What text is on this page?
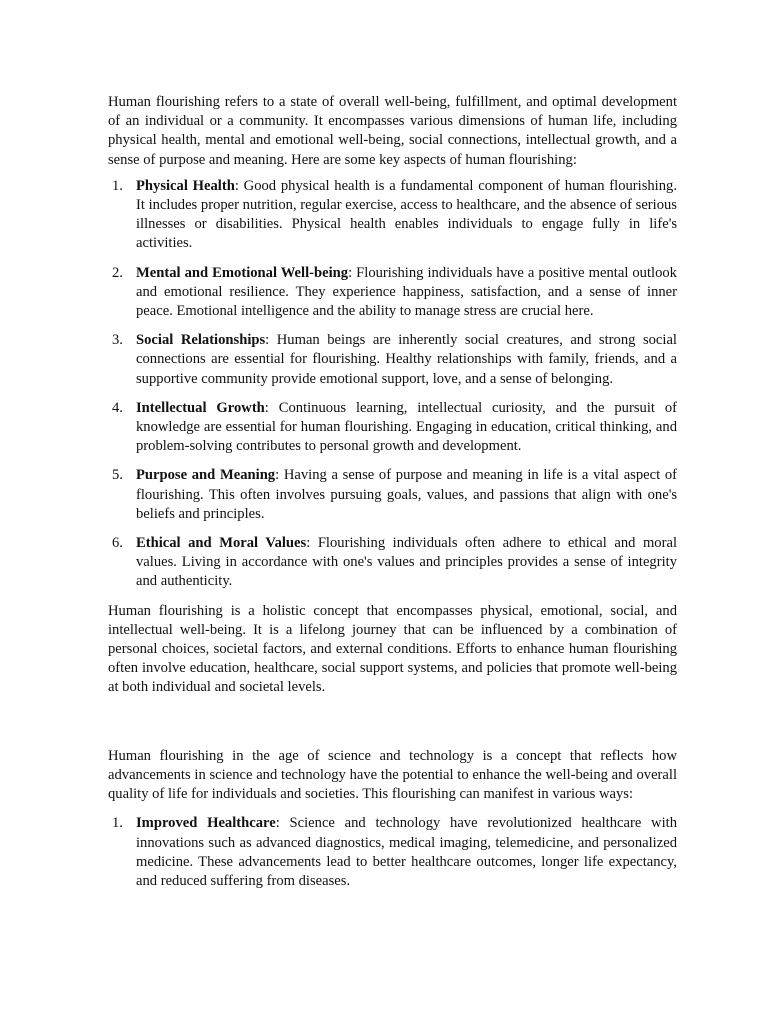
Human flourishing refers to a state of overall well-being, fulfillment, and optimal development of an individual or a community. It encompasses various dimensions of human life, including physical health, mental and emotional well-being, social connections, intellectual growth, and a sense of purpose and meaning. Here are some key aspects of human flourishing:

1. Physical Health: Good physical health is a fundamental component of human flourishing. It includes proper nutrition, regular exercise, access to healthcare, and the absence of serious illnesses or disabilities. Physical health enables individuals to engage fully in life's activities.
2. Mental and Emotional Well-being: Flourishing individuals have a positive mental outlook and emotional resilience. They experience happiness, satisfaction, and a sense of inner peace. Emotional intelligence and the ability to manage stress are crucial here.
3. Social Relationships: Human beings are inherently social creatures, and strong social connections are essential for flourishing. Healthy relationships with family, friends, and a supportive community provide emotional support, love, and a sense of belonging.
4. Intellectual Growth: Continuous learning, intellectual curiosity, and the pursuit of knowledge are essential for human flourishing. Engaging in education, critical thinking, and problem-solving contributes to personal growth and development.
5. Purpose and Meaning: Having a sense of purpose and meaning in life is a vital aspect of flourishing. This often involves pursuing goals, values, and passions that align with one's beliefs and principles.
6. Ethical and Moral Values: Flourishing individuals often adhere to ethical and moral values. Living in accordance with one's values and principles provides a sense of integrity and authenticity.

Human flourishing is a holistic concept that encompasses physical, emotional, social, and intellectual well-being. It is a lifelong journey that can be influenced by a combination of personal choices, societal factors, and external conditions. Efforts to enhance human flourishing often involve education, healthcare, social support systems, and policies that promote well-being at both individual and societal levels.

Human flourishing in the age of science and technology is a concept that reflects how advancements in science and technology have the potential to enhance the well-being and overall quality of life for individuals and societies. This flourishing can manifest in various ways:

1. Improved Healthcare: Science and technology have revolutionized healthcare with innovations such as advanced diagnostics, medical imaging, telemedicine, and personalized medicine. These advancements lead to better healthcare outcomes, longer life expectancy, and reduced suffering from diseases.
